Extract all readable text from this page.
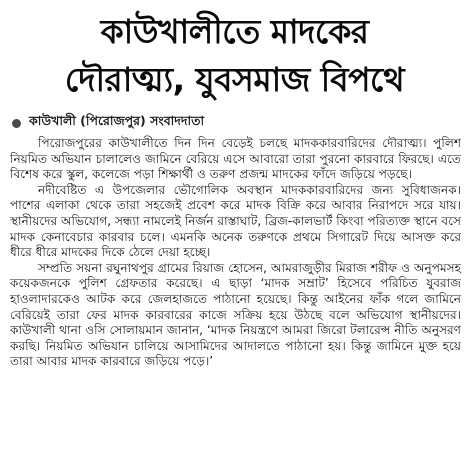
কাউখালীতে মাদকের
দৌরাত্ম্য, যুবসমাজ বিপথে
কাউখালী (পিরোজপুর) সংবাদদাতা

পিরোজপুরের কাউখালীতে দিন দিন বেড়েই চলছে মাদককারবারিদের দৌরাত্ম্য। পুলিশ নিয়মিত অভিযান চালালেও জামিনে বেরিয়ে এসে আবারো তারা পুরনো কারবারে ফিরছে। এতে বিশেষ করে স্কুল, কলেজে পড়া শিক্ষার্থী ও তরুণ প্রজন্ম মাদকের ফাঁদে জড়িয়ে পড়ছে।

নদীবেষ্টিত এ উপজেলার ভৌগোলিক অবস্থান মাদককারবারিদের জন্য সুবিধাজনক। পাশের এলাকা থেকে তারা সহজেই প্রবেশ করে মাদক বিক্রি করে আবার নিরাপদে সরে যায়। স্থানীয়দের অভিযোগ, সন্ধ্যা নামলেই নির্জন রাস্তাঘাট, ব্রিজ-কালভার্ট কিংবা পরিত্যক্ত স্থানে বসে মাদক কেনাবেচার কারবার চলে। এমনকি অনেক তরুণকে প্রথমে সিগারেট দিয়ে আসক্ত করে ধীরে ধীরে মাদকের দিকে ঠেলে দেয়া হচ্ছে।

সম্প্রতি সয়না রঘুনাথপুর গ্রামের রিয়াজ হোসেন, আমরাজুড়ীর মিরাজ শরীফ ও অনুপমসহ কয়েকজনকে পুলিশ গ্রেফতার করেছে। এ ছাড়া ‘মাদক সম্রাট’ হিসেবে পরিচিত যুবরাজ হাওলাদারকেও আটক করে জেলহাজতে পাঠানো হয়েছে। কিন্তু আইনের ফাঁক গলে জামিনে বেরিয়েই তারা ফের মাদক কারবারের কাজে সক্রিয় হয়ে উঠছে বলে অভিযোগ স্থানীয়দের। কাউখালী থানা ওসি সোলায়মান জানান, ‘মাদক নিয়ন্ত্রণে আমরা জিরো টলারেন্স নীতি অনুসরণ করছি। নিয়মিত অভিযান চালিয়ে আসামিদের আদালতে পাঠানো হয়। কিন্তু জামিনে মুক্ত হয়ে তারা আবার মাদক কারবারে জড়িয়ে পড়ে।’
